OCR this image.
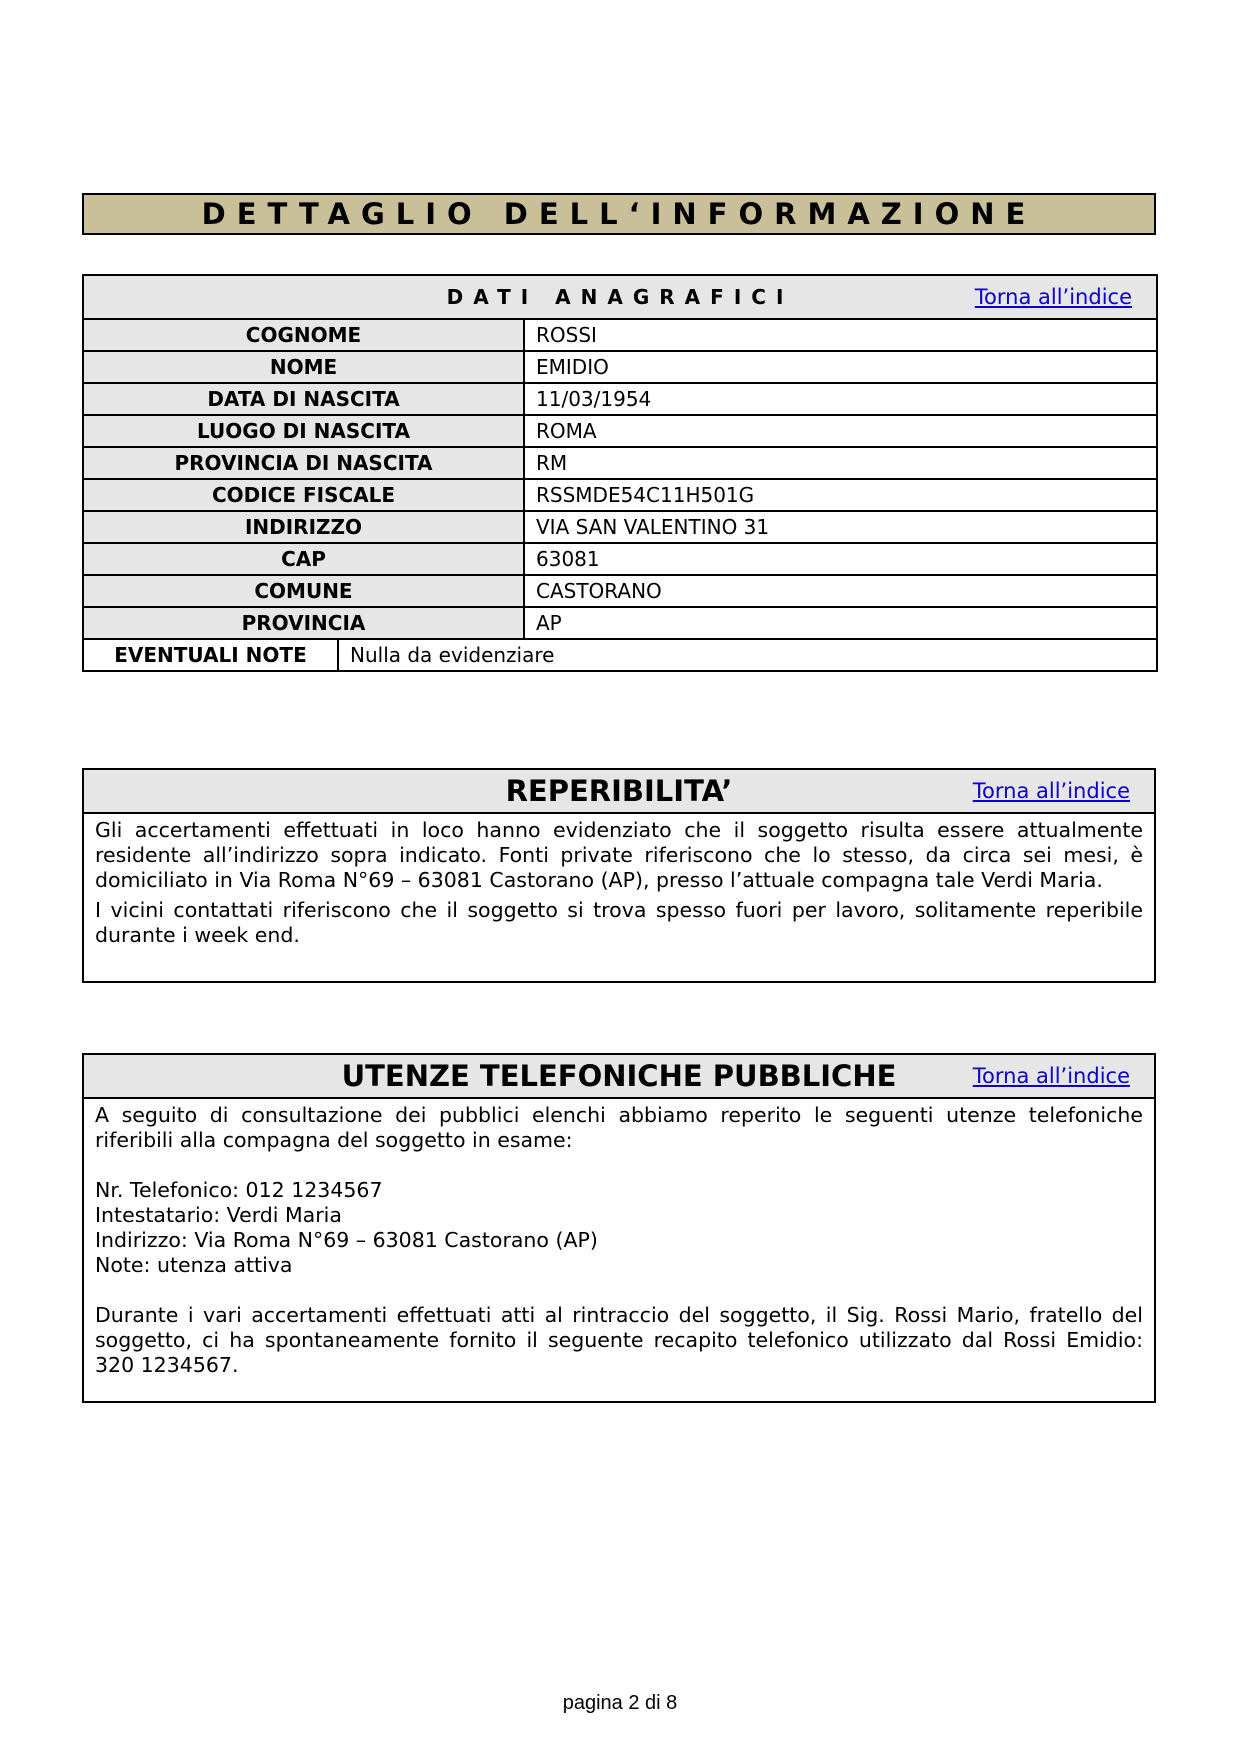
DETTAGLIO DELL‘INFORMAZIONE
DATI ANAGRAFICI Torna all’indice		

COGNOME		ROSSI
NOME		EMIDIO
DATA DI NASCITA		11/03/1954
LUOGO DI NASCITA		ROMA
PROVINCIA DI NASCITA		RM
CODICE FISCALE		RSSMDE54C11H501G
INDIRIZZO		VIA SAN VALENTINO 31
CAP		63081
COMUNE		CASTORANO
PROVINCIA		AP
EVENTUALI NOTE	Nulla da evidenziare	
REPERIBILITA’	Torna all’indice

Gli accertamenti effettuati in loco hanno evidenziato che il soggetto risulta essere attualmente residente all’indirizzo sopra indicato. Fonti private riferiscono che lo stesso, da circa sei mesi, è domiciliato in Via Roma N°69 – 63081 Castorano (AP), presso l’attuale compagna tale Verdi Maria.

I vicini contattati riferiscono che il soggetto si trova spesso fuori per lavoro, solitamente reperibile durante i week end.

UTENZE TELEFONICHE PUBBLICHE	Torna all’indice

A seguito di consultazione dei pubblici elenchi abbiamo reperito le seguenti utenze telefoniche riferibili alla compagna del soggetto in esame:

Nr. Telefonico: 012 1234567

Intestatario: Verdi Maria

Indirizzo: Via Roma N°69 – 63081 Castorano (AP)

Note: utenza attiva

Durante i vari accertamenti effettuati atti al rintraccio del soggetto, il Sig. Rossi Mario, fratello del soggetto, ci ha spontaneamente fornito il seguente recapito telefonico utilizzato dal Rossi Emidio: 320 1234567.

pagina 2 di 8
